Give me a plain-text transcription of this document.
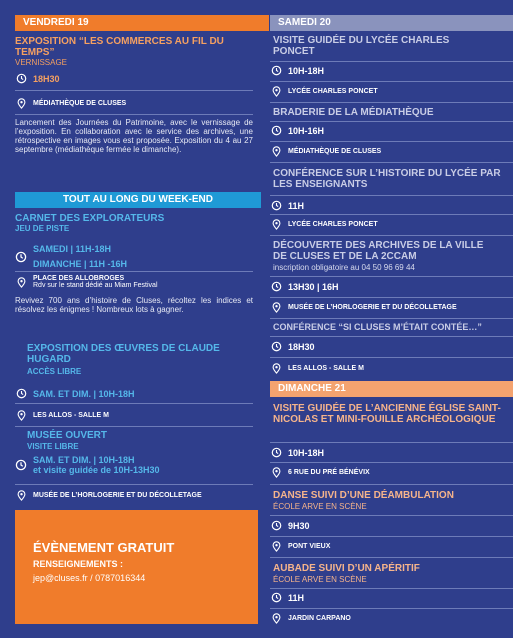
VENDREDI 19
EXPOSITION “LES COMMERCES AU FIL DU TEMPS”
VERNISSAGE
18H30
MÉDIATHÈQUE DE CLUSES
Lancement des Journées du Patrimoine, avec le vernissage de l’exposition. En collaboration avec le service des archives, une rétrospective en images vous est proposée. Exposition du 4 au 27 septembre (médiathèque fermée le dimanche).
TOUT AU LONG DU WEEK-END
CARNET DES EXPLORATEURS
JEU DE PISTE
SAMEDI | 11H-18H
DIMANCHE | 11H -16H
PLACE DES ALLOBROGES
Rdv sur le stand dédié au Miam Festival
Revivez 700 ans d’histoire de Cluses, récoltez les indices et résolvez les énigmes ! Nombreux lots à gagner.
EXPOSITION DES ŒUVRES DE CLAUDE HUGARD
ACCÈS LIBRE
SAM. ET DIM. | 10H-18H
LES ALLOS - SALLE M
MUSÉE OUVERT
VISITE LIBRE
SAM. ET DIM. | 10H-18H
et visite guidée de 10H-13H30
MUSÉE DE L’HORLOGERIE ET DU DÉCOLLETAGE
ÉVÈNEMENT GRATUIT
RENSEIGNEMENTS :
jep@cluses.fr / 0787016344
SAMEDI 20
VISITE GUIDÉE DU LYCÉE CHARLES PONCET
10H-18H
LYCÉE CHARLES PONCET
BRADERIE DE LA MÉDIATHÈQUE
10H-16H
MÉDIATHÈQUE DE CLUSES
CONFÉRENCE SUR L’HISTOIRE DU LYCÉE PAR LES ENSEIGNANTS
11H
LYCÉE CHARLES PONCET
DÉCOUVERTE DES ARCHIVES DE LA VILLE DE CLUSES ET DE LA 2CCAM
inscription obligatoire au 04 50 96 69 44
13H30 | 16H
MUSÉE DE L’HORLOGERIE ET DU DÉCOLLETAGE
CONFÉRENCE “SI CLUSES M’ÉTAIT CONTÉE…”
18H30
LES ALLOS - SALLE M
DIMANCHE 21
VISITE GUIDÉE DE L’ANCIENNE ÉGLISE SAINT-NICOLAS ET MINI-FOUILLE ARCHÉOLOGIQUE
10H-18H
6 RUE DU PRÉ BÉNÉVIX
DANSE SUIVI D’UNE DÉAMBULATION
ÉCOLE ARVE EN SCÈNE
9H30
PONT VIEUX
AUBADE SUIVI D’UN APÉRITIF
ÉCOLE ARVE EN SCÈNE
11H
JARDIN CARPANO
